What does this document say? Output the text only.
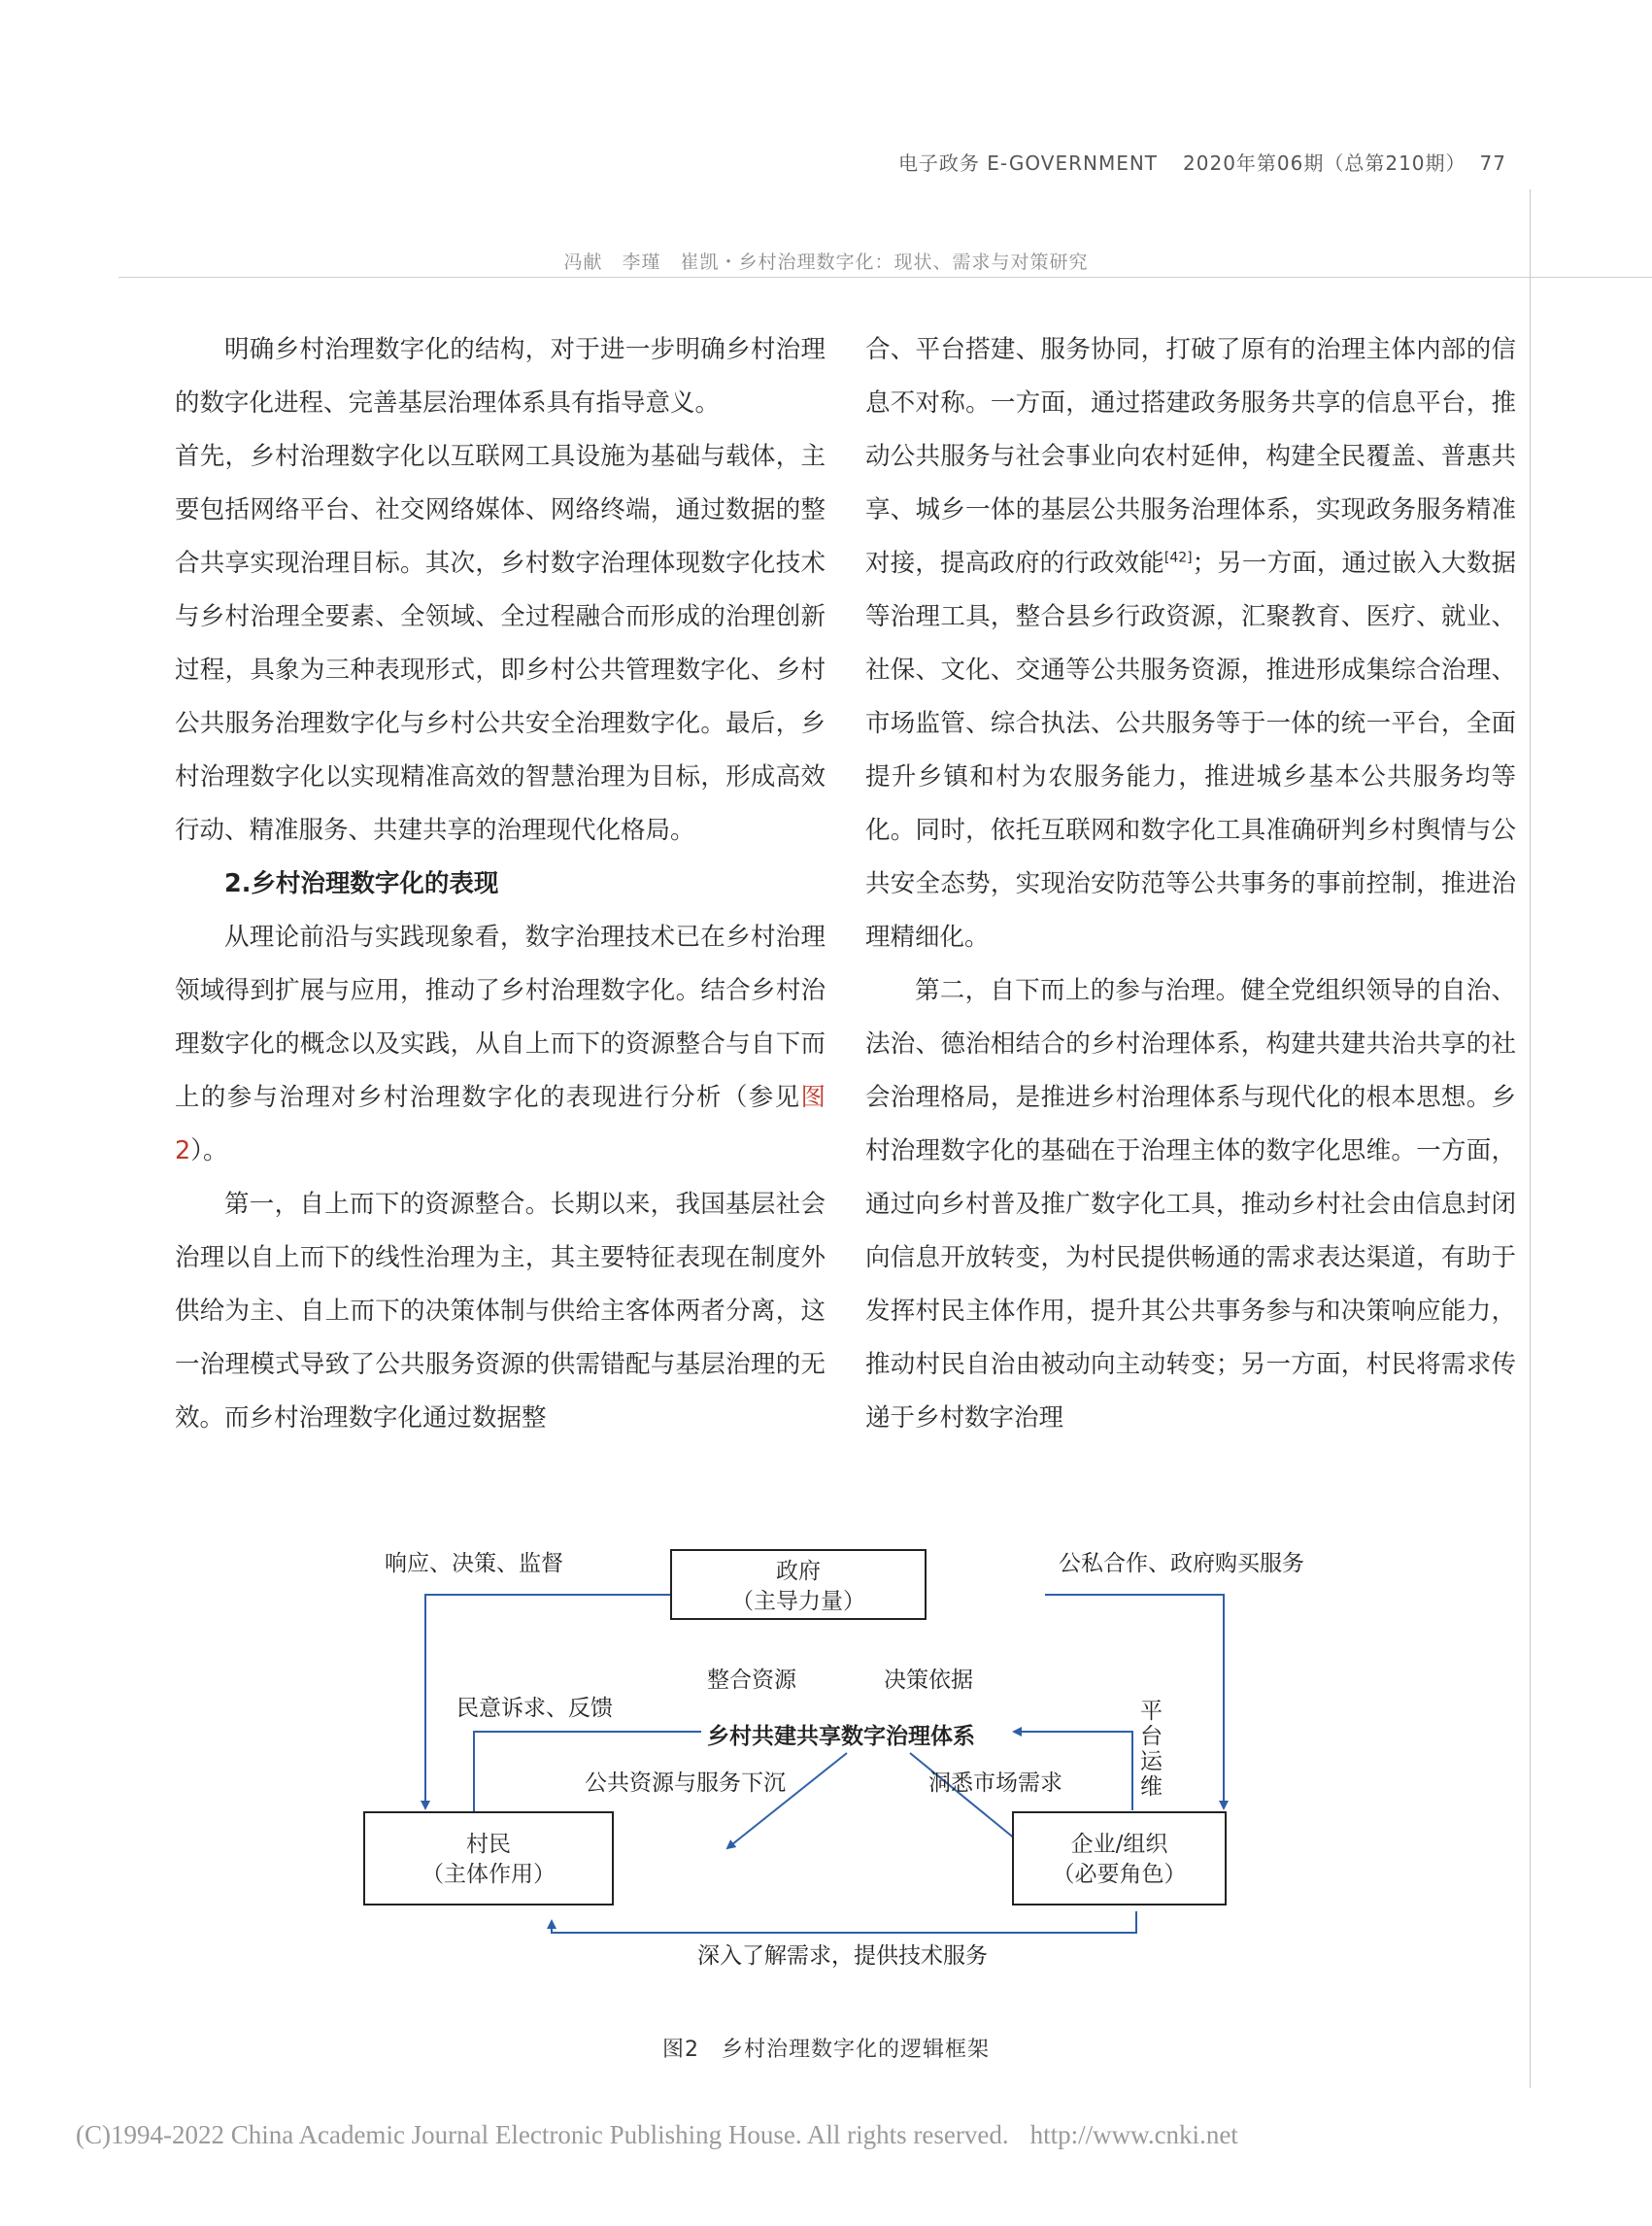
电子政务 E-GOVERNMENT 2020年第06期（总第210期） 77
冯献　李瑾　崔凯・乡村治理数字化：现状、需求与对策研究

明确乡村治理数字化的结构，对于进一步明确乡村治理的数字化进程、完善基层治理体系具有指导意义。

首先，乡村治理数字化以互联网工具设施为基础与载体，主要包括网络平台、社交网络媒体、网络终端，通过数据的整合共享实现治理目标。其次，乡村数字治理体现数字化技术与乡村治理全要素、全领域、全过程融合而形成的治理创新过程，具象为三种表现形式，即乡村公共管理数字化、乡村公共服务治理数字化与乡村公共安全治理数字化。最后，乡村治理数字化以实现精准高效的智慧治理为目标，形成高效行动、精准服务、共建共享的治理现代化格局。

2.乡村治理数字化的表现

从理论前沿与实践现象看，数字治理技术已在乡村治理领域得到扩展与应用，推动了乡村治理数字化。结合乡村治理数字化的概念以及实践，从自上而下的资源整合与自下而上的参与治理对乡村治理数字化的表现进行分析（参见图2）。

第一，自上而下的资源整合。长期以来，我国基层社会治理以自上而下的线性治理为主，其主要特征表现在制度外供给为主、自上而下的决策体制与供给主客体两者分离，这一治理模式导致了公共服务资源的供需错配与基层治理的无效。而乡村治理数字化通过数据整

合、平台搭建、服务协同，打破了原有的治理主体内部的信息不对称。一方面，通过搭建政务服务共享的信息平台，推动公共服务与社会事业向农村延伸，构建全民覆盖、普惠共享、城乡一体的基层公共服务治理体系，实现政务服务精准对接，提高政府的行政效能[42]；另一方面，通过嵌入大数据等治理工具，整合县乡行政资源，汇聚教育、医疗、就业、社保、文化、交通等公共服务资源，推进形成集综合治理、市场监管、综合执法、公共服务等于一体的统一平台，全面提升乡镇和村为农服务能力，推进城乡基本公共服务均等化。同时，依托互联网和数字化工具准确研判乡村舆情与公共安全态势，实现治安防范等公共事务的事前控制，推进治理精细化。

第二，自下而上的参与治理。健全党组织领导的自治、法治、德治相结合的乡村治理体系，构建共建共治共享的社会治理格局，是推进乡村治理体系与现代化的根本思想。乡村治理数字化的基础在于治理主体的数字化思维。一方面，通过向乡村普及推广数字化工具，推动乡村社会由信息封闭向信息开放转变，为村民提供畅通的需求表达渠道，有助于发挥村民主体作用，提升其公共事务参与和决策响应能力，推动村民自治由被动向主动转变；另一方面，村民将需求传递于乡村数字治理

政府
（主导力量）
村民
（主体作用）
企业/组织
（必要角色）
响应、决策、监督	公私合作、政府购买服务
整合资源	决策依据
民意诉求、反馈
乡村共建共享数字治理体系
平台运维
公共资源与服务下沉	洞悉市场需求
深入了解需求，提供技术服务
图2　乡村治理数字化的逻辑框架
(C)1994-2022 China Academic Journal Electronic Publishing House. All rights reserved. http://www.cnki.net
